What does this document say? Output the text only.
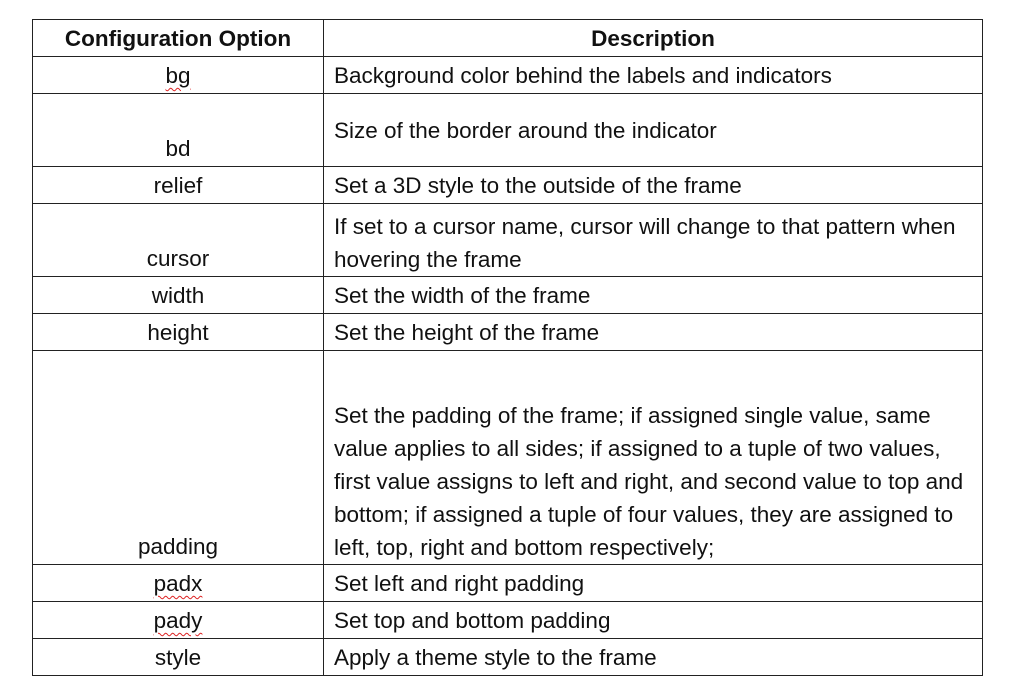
Configuration Option	Description
bg	Background color behind the labels and indicators
bd	Size of the border around the indicator
relief	Set a 3D style to the outside of the frame
cursor	If set to a cursor name, cursor will change to that pattern when hovering the frame
width	Set the width of the frame
height	Set the height of the frame
padding	Set the padding of the frame; if assigned single value, same value applies to all sides; if assigned to a tuple of two values, first value assigns to left and right, and second value to top and bottom; if assigned a tuple of four values, they are assigned to left, top, right and bottom respectively;
padx	Set left and right padding
pady	Set top and bottom padding
style	Apply a theme style to the frame
